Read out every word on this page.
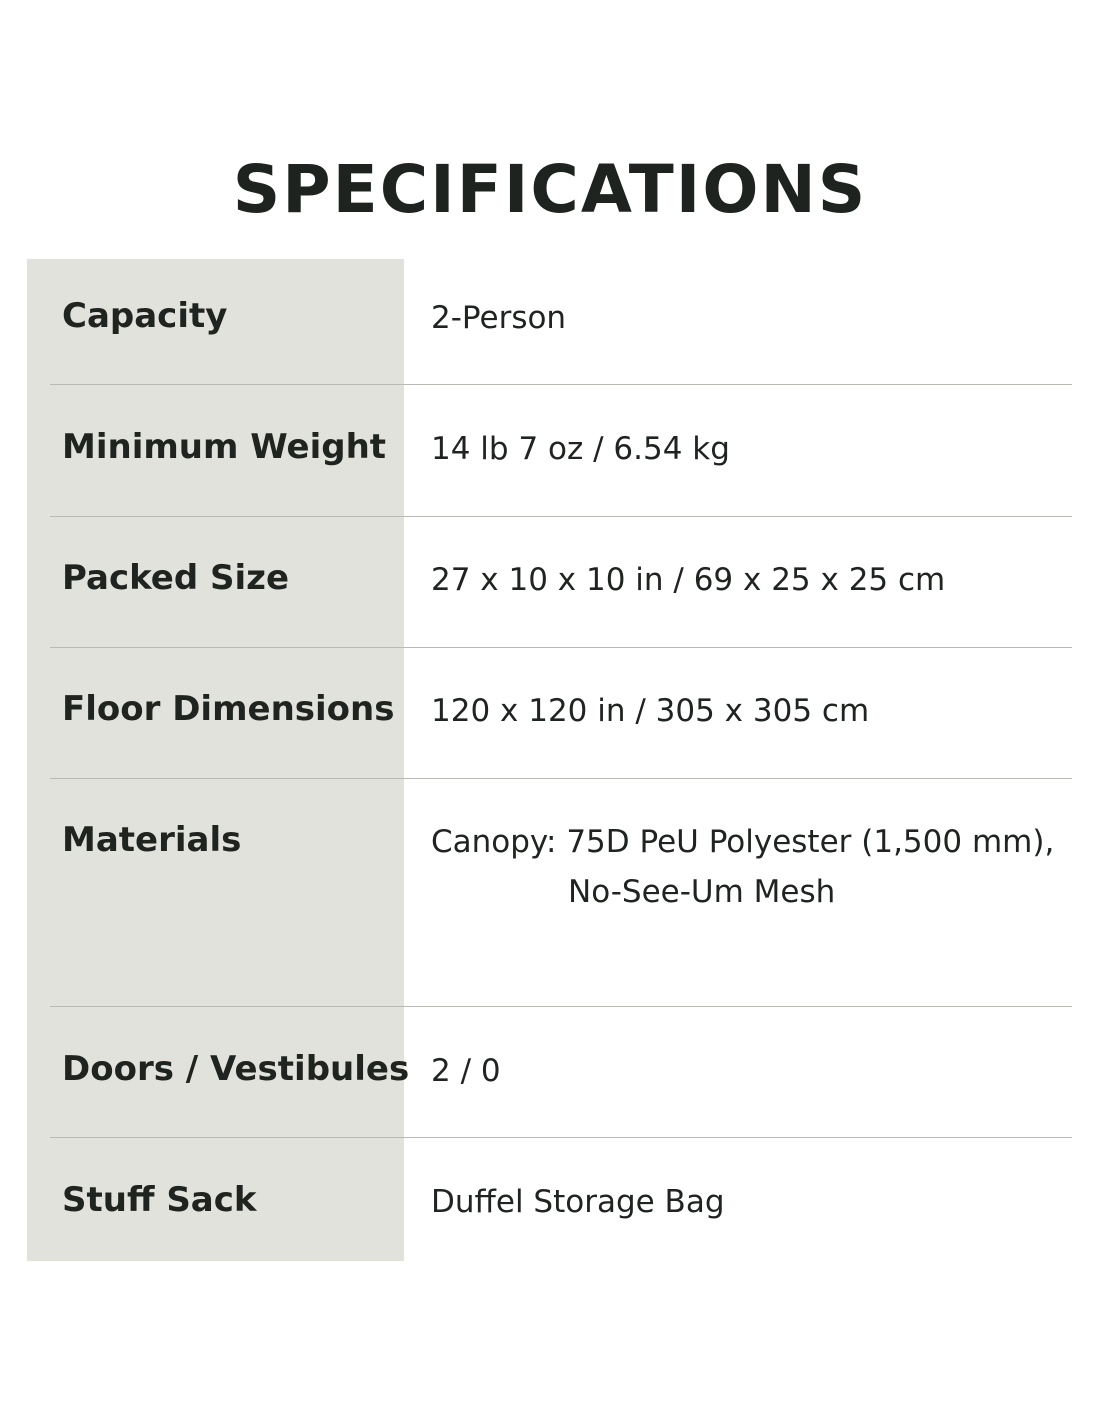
SPECIFICATIONS
Capacity	2-Person
Minimum Weight	14 lb 7 oz / 6.54 kg
Packed Size	27 x 10 x 10 in / 69 x 25 x 25 cm
Floor Dimensions 120 x 120 in / 305 x 305 cm
Materials	Canopy: 75D PeU Polyester (1,500 mm),
No-See-Um Mesh
Doors / Vestibules 2 / 0
Stuff Sack	Duffel Storage Bag
